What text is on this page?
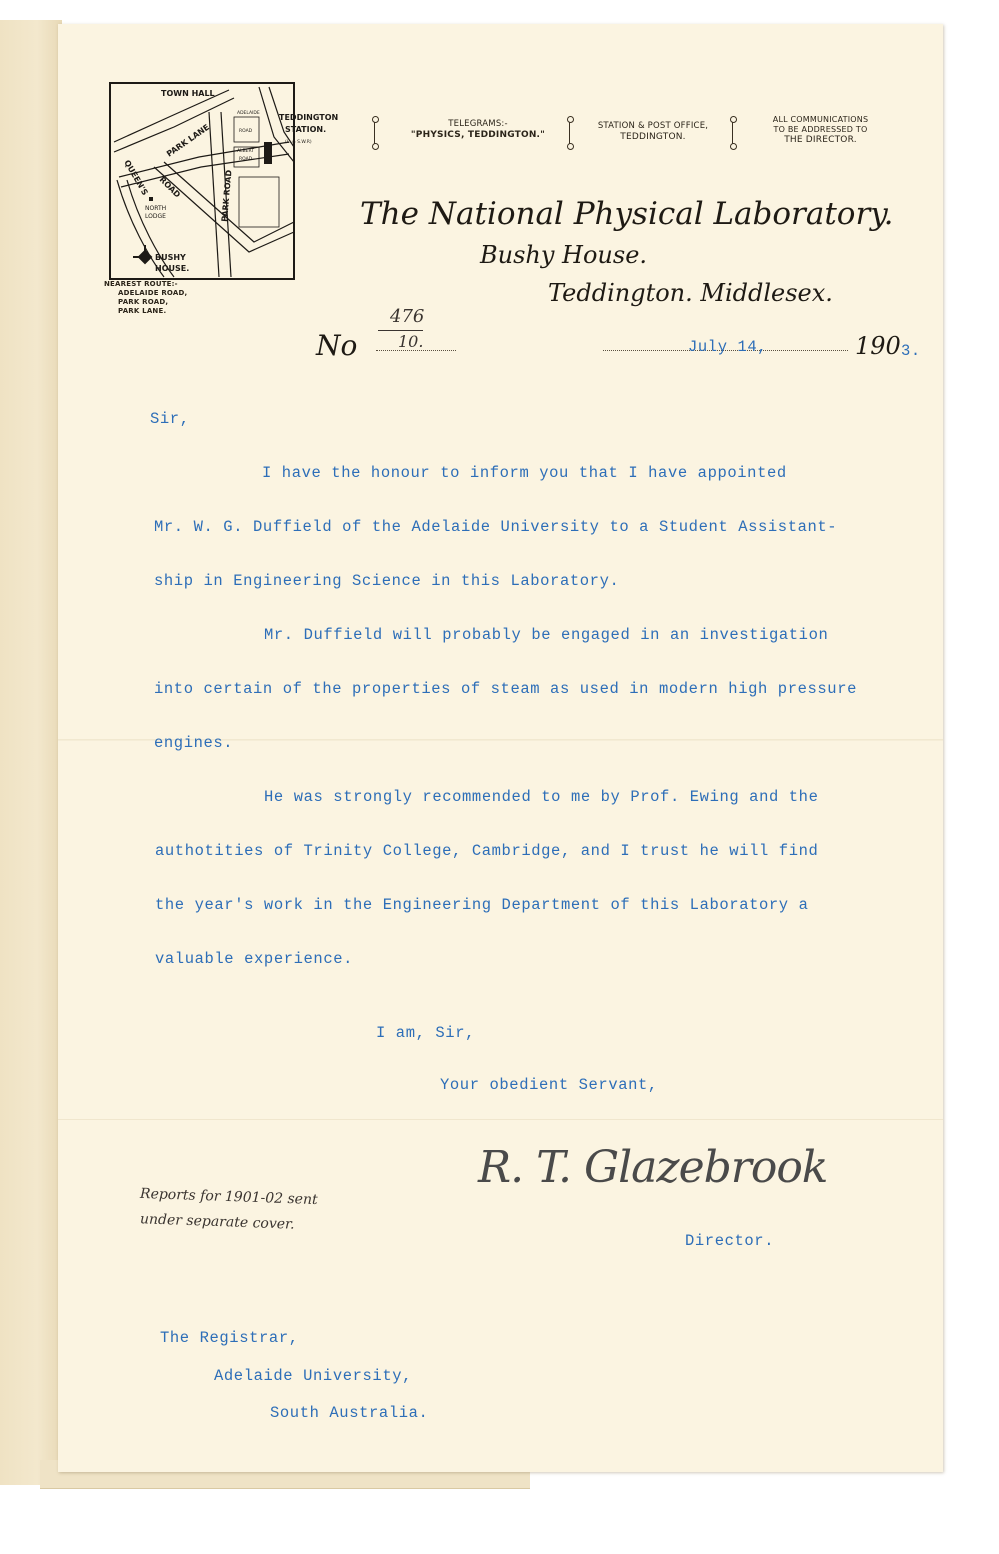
TOWN HALL
TEDDINGTON
STATION.
(L. & S.W.R)
QUEEN'S ROAD
PARK LANE
PARK ROAD
ADELAIDE
ROAD
ALBERT
ROAD
NORTH
LODGE
BUSHY
HOUSE.
NEAREST ROUTE:-
ADELAIDE ROAD,
PARK ROAD,
PARK LANE.
TELEGRAMS:-
"PHYSICS, TEDDINGTON."
STATION & POST OFFICE,
TEDDINGTON.
ALL COMMUNICATIONS
TO BE ADDRESSED TO
THE DIRECTOR.
The National Physical Laboratory.
Bushy House.
Teddington. Middlesex.
No
476
10.	July 14,	190 3.
Sir,
I have the honour to inform you that I have appointed
Mr. W. G. Duffield of the Adelaide University to a Student Assistant-
ship in Engineering Science in this Laboratory.
Mr. Duffield will probably be engaged in an investigation
into certain of the properties of steam as used in modern high pressure
engines.
He was strongly recommended to me by Prof. Ewing and the
authotities of Trinity College, Cambridge, and I trust he will find
the year's work in the Engineering Department of this Laboratory a
valuable experience.
I am, Sir,
Your obedient Servant,
R. T. Glazebrook
Director.
Reports for 1901-02 sent
under separate cover.
The Registrar,
Adelaide University,
South Australia.
